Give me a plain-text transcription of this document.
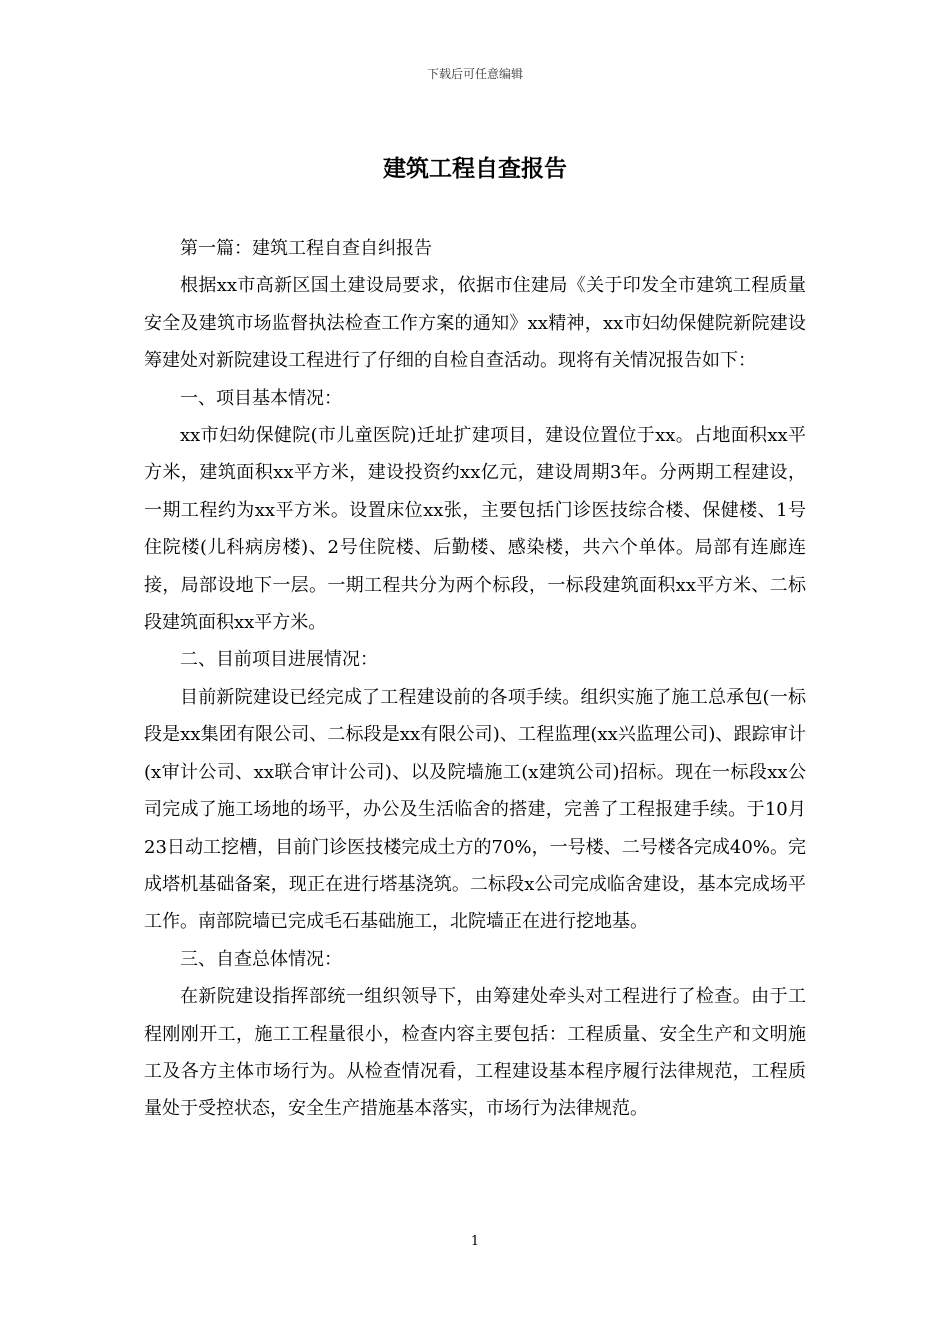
下载后可任意编辑
建筑工程自查报告

第一篇：建筑工程自查自纠报告

根据xx市高新区国土建设局要求，依据市住建局《关于印发全市建筑工程质量安全及建筑市场监督执法检查工作方案的通知》xx精神，xx市妇幼保健院新院建设筹建处对新院建设工程进行了仔细的自检自查活动。现将有关情况报告如下：

一、项目基本情况：

xx市妇幼保健院(市儿童医院)迁址扩建项目，建设位置位于xx。占地面积xx平方米，建筑面积xx平方米，建设投资约xx亿元，建设周期3年。分两期工程建设，一期工程约为xx平方米。设置床位xx张，主要包括门诊医技综合楼、保健楼、1号住院楼(儿科病房楼)、2号住院楼、后勤楼、感染楼，共六个单体。局部有连廊连接，局部设地下一层。一期工程共分为两个标段，一标段建筑面积xx平方米、二标段建筑面积xx平方米。

二、目前项目进展情况：

目前新院建设已经完成了工程建设前的各项手续。组织实施了施工总承包(一标段是xx集团有限公司、二标段是xx有限公司)、工程监理(xx兴监理公司)、跟踪审计(x审计公司、xx联合审计公司)、以及院墙施工(x建筑公司)招标。现在一标段xx公司完成了施工场地的场平，办公及生活临舍的搭建，完善了工程报建手续。于10月23日动工挖槽，目前门诊医技楼完成土方的70%，一号楼、二号楼各完成40%。完成塔机基础备案，现正在进行塔基浇筑。二标段x公司完成临舍建设，基本完成场平工作。南部院墙已完成毛石基础施工，北院墙正在进行挖地基。

三、自查总体情况：

在新院建设指挥部统一组织领导下，由筹建处牵头对工程进行了检查。由于工程刚刚开工，施工工程量很小，检查内容主要包括：工程质量、安全生产和文明施工及各方主体市场行为。从检查情况看，工程建设基本程序履行法律规范，工程质量处于受控状态，安全生产措施基本落实，市场行为法律规范。

1
